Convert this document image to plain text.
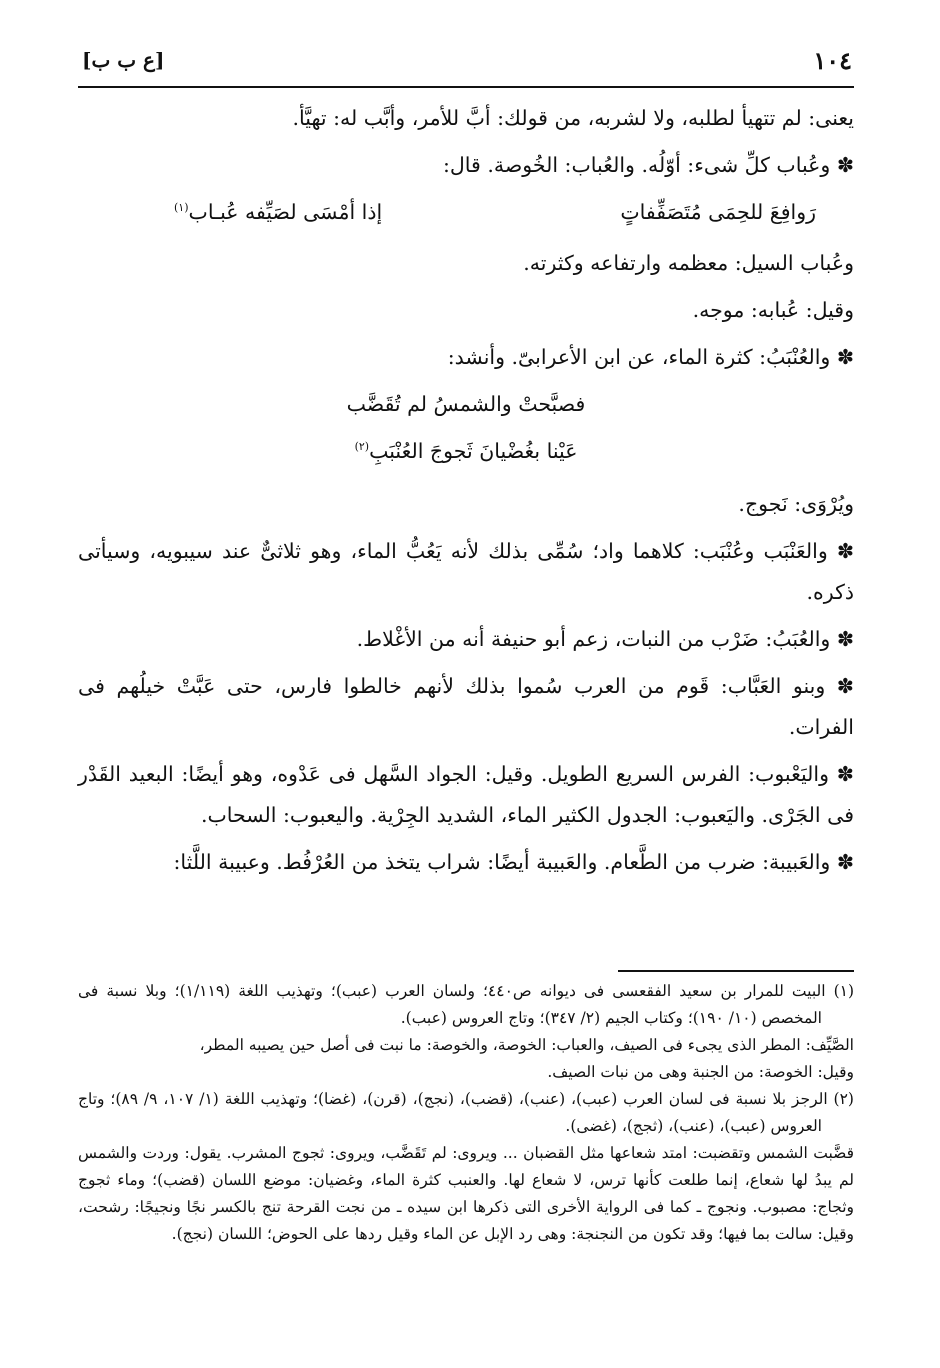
١٠٤
[ع ب ب]

يعنى: لم تتهيأ لطلبه، ولا لشربه، من قولك: أبَّ للأمر، وأبَّب له: تهيَّأ.

✽ وعُباب كلِّ شىء: أوّلُه. والعُباب: الخُوصة. قال:

رَوافِعَ للحِمَى مُتَصَفِّفاتٍ
إذا أمْسَى لصَيِّفه عُبـاب$^{(١)}$

وعُباب السيل: معظمه وارتفاعه وكثرته.

وقيل: عُبابه: موجه.

✽ والعُنْبَبُ: كثرة الماء، عن ابن الأعرابىّ. وأنشد:

فصبَّحتْ والشمسُ لم تُقَضَّب

عَيْنا بغُضْيانَ ثَجوجَ العُنْبَبِ$^{(٢)}$

ويُرْوَى: نَجوج.

✽ والعَنْبَب وعُنْبَب: كلاهما واد؛ سُمِّى بذلك لأنه يَعُبُّ الماء، وهو ثلاثىٌّ عند سيبويه، وسيأتى ذكره.

✽ والعُبَبُ: ضَرْب من النبات، زعم أبو حنيفة أنه من الأغْلاط.

✽ وبنو العَبَّاب: قَوم من العرب سُموا بذلك لأنهم خالطوا فارس، حتى عَبَّتْ خيلُهم فى الفرات.

✽ واليَعْبوب: الفرس السريع الطويل. وقيل: الجواد السَّهل فى عَدْوه، وهو أيضًا: البعيد القَدْر فى الجَرْى. واليَعبوب: الجدول الكثير الماء، الشديد الجِرْية. واليعبوب: السحاب.

✽ والعَبيبة: ضرب من الطَّعام. والعَبيبة أيضًا: شراب يتخذ من العُرْفُط. وعبيبة اللَّثا:

(١) البيت للمرار بن سعيد الفقعسى فى ديوانه ص٤٤٠؛ ولسان العرب (عبب)؛ وتهذيب اللغة (١/١١٩)؛ وبلا نسبة فى المخصص (١٠/ ١٩٠)؛ وكتاب الجيم (٢/ ٣٤٧)؛ وتاج العروس (عبب).

الصَّيِّف: المطر الذى يجىء فى الصيف، والعباب: الخوصة، والخوصة: ما نبت فى أصل حين يصيبه المطر،

وقيل: الخوصة: من الجنبة وهى من نبات الصيف.

(٢) الرجز بلا نسبة فى لسان العرب (عبب)، (عنب)، (قضب)، (نجج)، (قرن)، (غضا)؛ وتهذيب اللغة (١/ ١٠٧، ٩/ ٨٩)؛ وتاج العروس (عبب)، (عنب)، (ثجج)، (غضى).

قضَّبت الشمس وتقضبت: امتد شعاعها مثل القضبان ... ويروى: لم تَقَضَّب، ويروى: ثجوج المشرب. يقول: وردت والشمس لم يبدُ لها شعاع، إنما طلعت كأنها ترس، لا شعاع لها. والعنبب كثرة الماء، وغضيان: موضع اللسان (قضب)؛ وماء ثجوج وثجاج: مصبوب. ونجوج ـ كما فى الرواية الأخرى التى ذكرها ابن سيده ـ من نجت القرحة تنج بالكسر نجًا ونجيجًا: رشحت، وقيل: سالت بما فيها؛ وقد تكون من النجنجة: وهى رد الإبل عن الماء وقيل ردها على الحوض؛ اللسان (نجج).
